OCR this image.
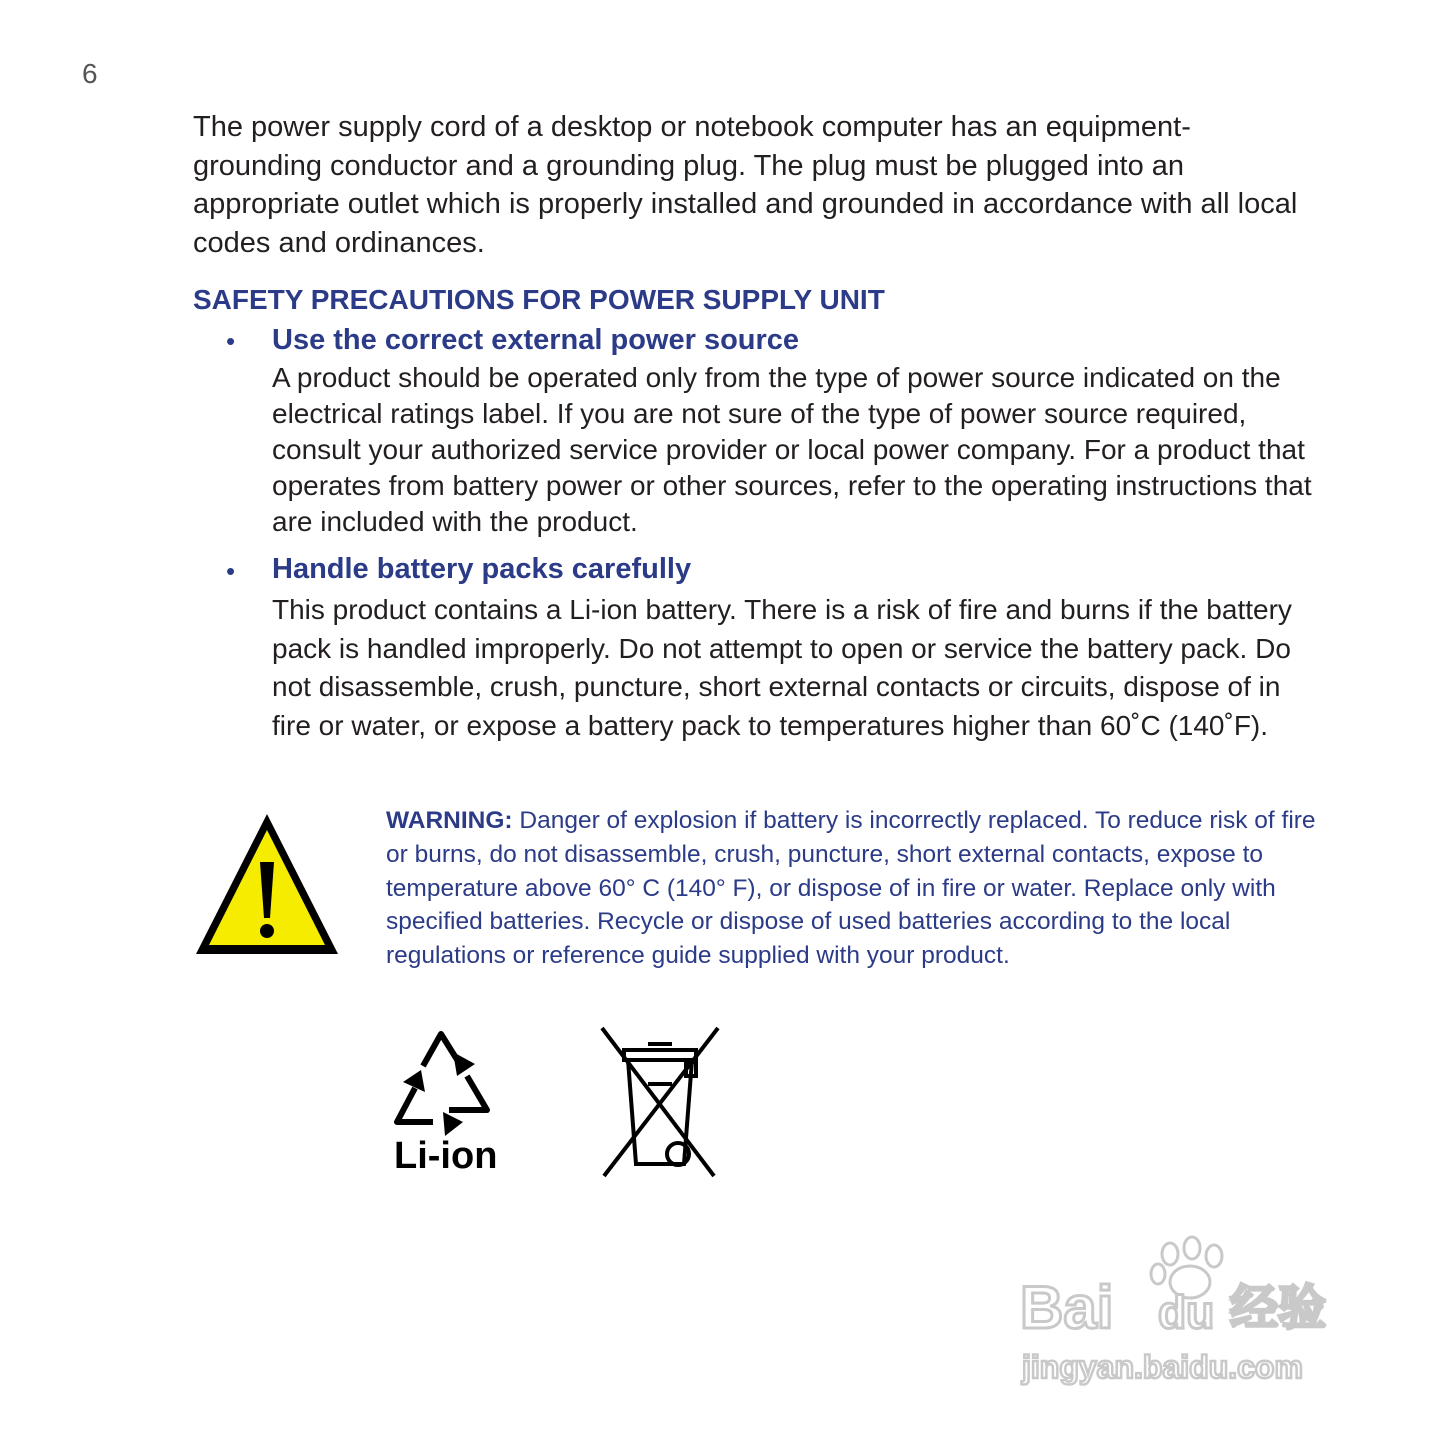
6

The power supply cord of a desktop or notebook computer has an equipment-grounding conductor and a grounding plug. The plug must be plugged into an appropriate outlet which is properly installed and grounded in accordance with all local codes and ordinances.

SAFETY PRECAUTIONS FOR POWER SUPPLY UNIT
• Use the correct external power source

A product should be operated only from the type of power source indicated on the electrical ratings label. If you are not sure of the type of power source required, consult your authorized service provider or local power company. For a product that operates from battery power or other sources, refer to the operating instructions that are included with the product.

• Handle battery packs carefully

This product contains a Li-ion battery. There is a risk of fire and burns if the battery pack is handled improperly. Do not attempt to open or service the battery pack. Do not disassemble, crush, puncture, short external contacts or circuits, dispose of in fire or water, or expose a battery pack to temperatures higher than 60˚C (140˚F).

WARNING: Danger of explosion if battery is incorrectly replaced. To reduce risk of fire or burns, do not disassemble, crush, puncture, short external contacts, expose to temperature above 60° C (140° F), or dispose of in fire or water. Replace only with specified batteries. Recycle or dispose of used batteries according to the local regulations or reference guide supplied with your product.

Li-ion
Bai du 经验
jingyan.baidu.com
